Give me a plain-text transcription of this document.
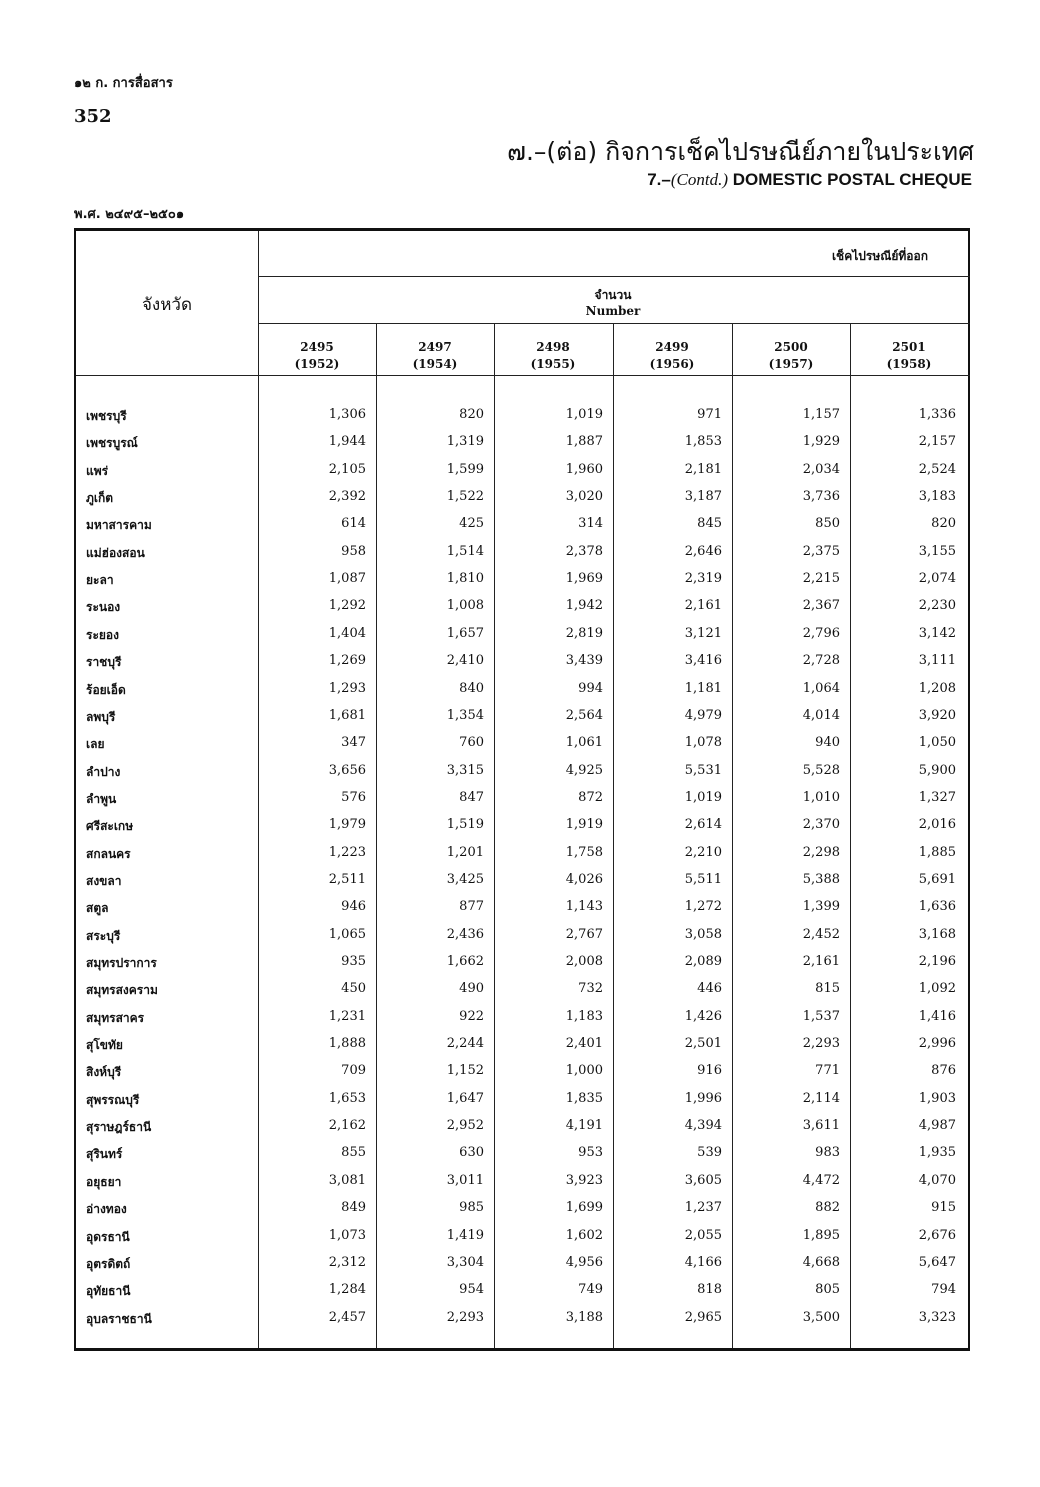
๑๒ ก. การสื่อสาร
352
๗.–(ต่อ) กิจการเช็คไปรษณีย์ภายในประเทศ
7.–(Contd.) DOMESTIC POSTAL CHEQUE
พ.ศ. ๒๔๙๕–๒๕๐๑
จังหวัด
เช็คไปรษณีย์ที่ออก
จำนวน
Number
2495
(1952)
2497
(1954)
2498
(1955)
2499
(1956)
2500
(1957)
2501
(1958)
เพชรบุรี	1,306	820	1,019	971	1,157	1,336
เพชรบูรณ์	1,944	1,319	1,887	1,853	1,929	2,157
แพร่	2,105	1,599	1,960	2,181	2,034	2,524
ภูเก็ต	2,392	1,522	3,020	3,187	3,736	3,183
มหาสารคาม	614	425	314	845	850	820
แม่ฮ่องสอน	958	1,514	2,378	2,646	2,375	3,155
ยะลา	1,087	1,810	1,969	2,319	2,215	2,074
ระนอง	1,292	1,008	1,942	2,161	2,367	2,230
ระยอง	1,404	1,657	2,819	3,121	2,796	3,142
ราชบุรี	1,269	2,410	3,439	3,416	2,728	3,111
ร้อยเอ็ด	1,293	840	994	1,181	1,064	1,208
ลพบุรี	1,681	1,354	2,564	4,979	4,014	3,920
เลย	347	760	1,061	1,078	940	1,050
ลำปาง	3,656	3,315	4,925	5,531	5,528	5,900
ลำพูน	576	847	872	1,019	1,010	1,327
ศรีสะเกษ	1,979	1,519	1,919	2,614	2,370	2,016
สกลนคร	1,223	1,201	1,758	2,210	2,298	1,885
สงขลา	2,511	3,425	4,026	5,511	5,388	5,691
สตูล	946	877	1,143	1,272	1,399	1,636
สระบุรี	1,065	2,436	2,767	3,058	2,452	3,168
สมุทรปราการ	935	1,662	2,008	2,089	2,161	2,196
สมุทรสงคราม	450	490	732	446	815	1,092
สมุทรสาคร	1,231	922	1,183	1,426	1,537	1,416
สุโขทัย	1,888	2,244	2,401	2,501	2,293	2,996
สิงห์บุรี	709	1,152	1,000	916	771	876
สุพรรณบุรี	1,653	1,647	1,835	1,996	2,114	1,903
สุราษฎร์ธานี	2,162	2,952	4,191	4,394	3,611	4,987
สุรินทร์	855	630	953	539	983	1,935
อยุธยา	3,081	3,011	3,923	3,605	4,472	4,070
อ่างทอง	849	985	1,699	1,237	882	915
อุดรธานี	1,073	1,419	1,602	2,055	1,895	2,676
อุตรดิตถ์	2,312	3,304	4,956	4,166	4,668	5,647
อุทัยธานี	1,284	954	749	818	805	794
อุบลราชธานี	2,457	2,293	3,188	2,965	3,500	3,323
